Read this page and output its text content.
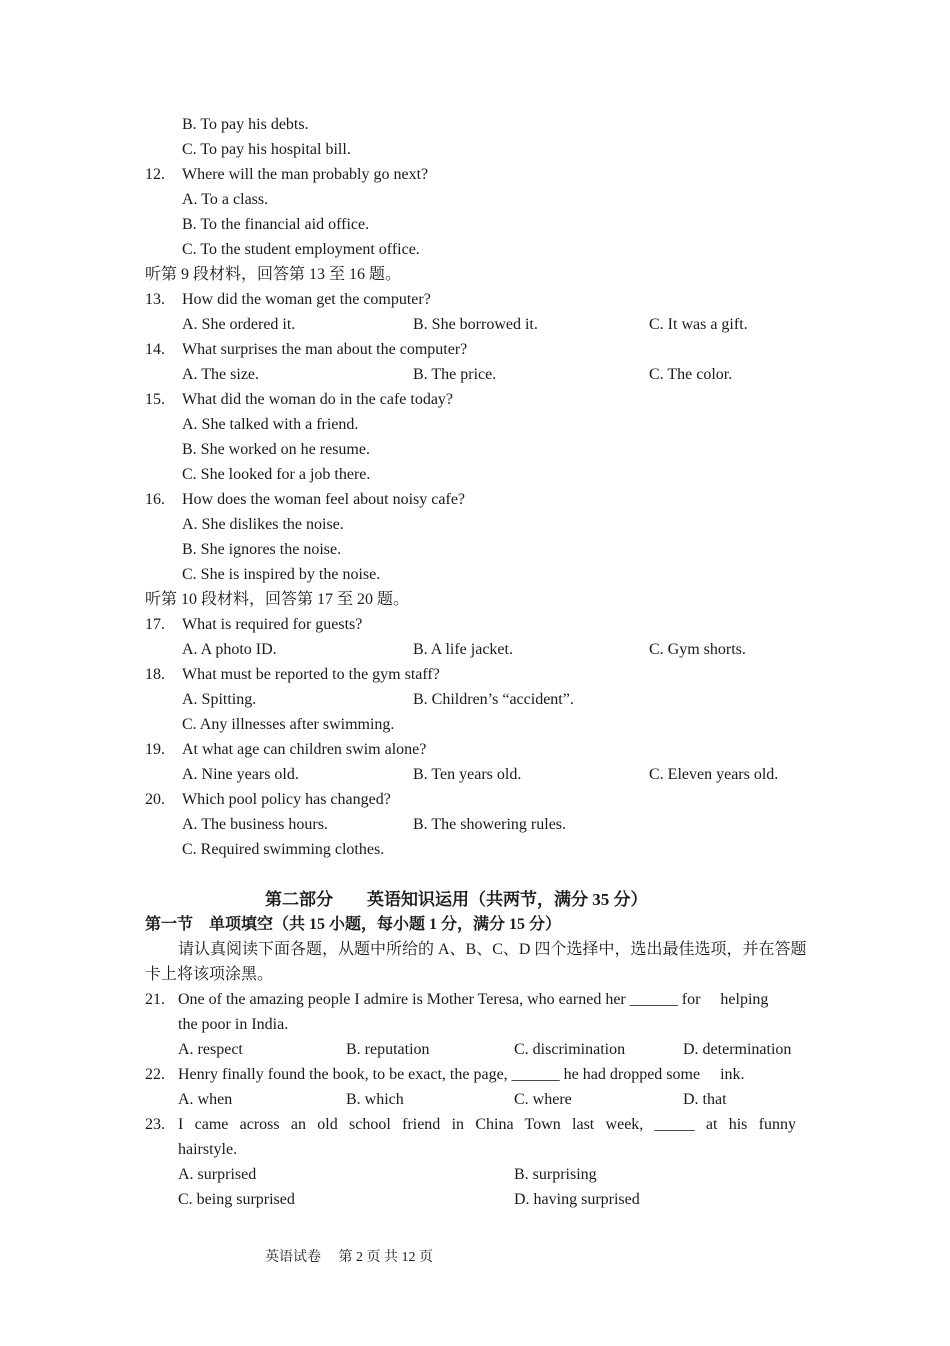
B. To pay his debts.
C. To pay his hospital bill.
12. Where will the man probably go next?
A. To a class.
B. To the financial aid office.
C. To the student employment office.
听第 9 段材料，回答第 13 至 16 题。
13. How did the woman get the computer?
A. She ordered it.	B. She borrowed it.	C. It was a gift.
14. What surprises the man about the computer?
A. The size.	B. The price.	C. The color.
15. What did the woman do in the cafe today?
A. She talked with a friend.
B. She worked on he resume.
C. She looked for a job there.
16. How does the woman feel about noisy cafe?
A. She dislikes the noise.
B. She ignores the noise.
C. She is inspired by the noise.
听第 10 段材料，回答第 17 至 20 题。
17. What is required for guests?
A. A photo ID.	B. A life jacket.	C. Gym shorts.
18. What must be reported to the gym staff?
A. Spitting.	B. Children’s “accident”.
C. Any illnesses after swimming.
19. At what age can children swim alone?
A. Nine years old.	B. Ten years old.	C. Eleven years old.
20. Which pool policy has changed?
A. The business hours.	B. The showering rules.
C. Required swimming clothes.
第二部分　　英语知识运用（共两节，满分 35 分）
第一节　单项填空（共 15 小题，每小题 1 分，满分 15 分）
请认真阅读下面各题，从题中所给的 A、B、C、D 四个选择中，选出最佳选项，并在答题
卡上将该项涂黑。
21. One of the amazing people I admire is Mother Teresa, who earned her ______ for　 helping
the poor in India.
A. respect	B. reputation	C. discrimination	D. determination
22. Henry finally found the book, to be exact, the page, ______ he had dropped some　 ink.
A. when	B. which	C. where	D. that
23. I came across an old school friend in China Town last week, _____ at his funny
hairstyle.
A. surprised	B. surprising
C. being surprised	D. having surprised
英语试卷　 第 2 页 共 12 页
